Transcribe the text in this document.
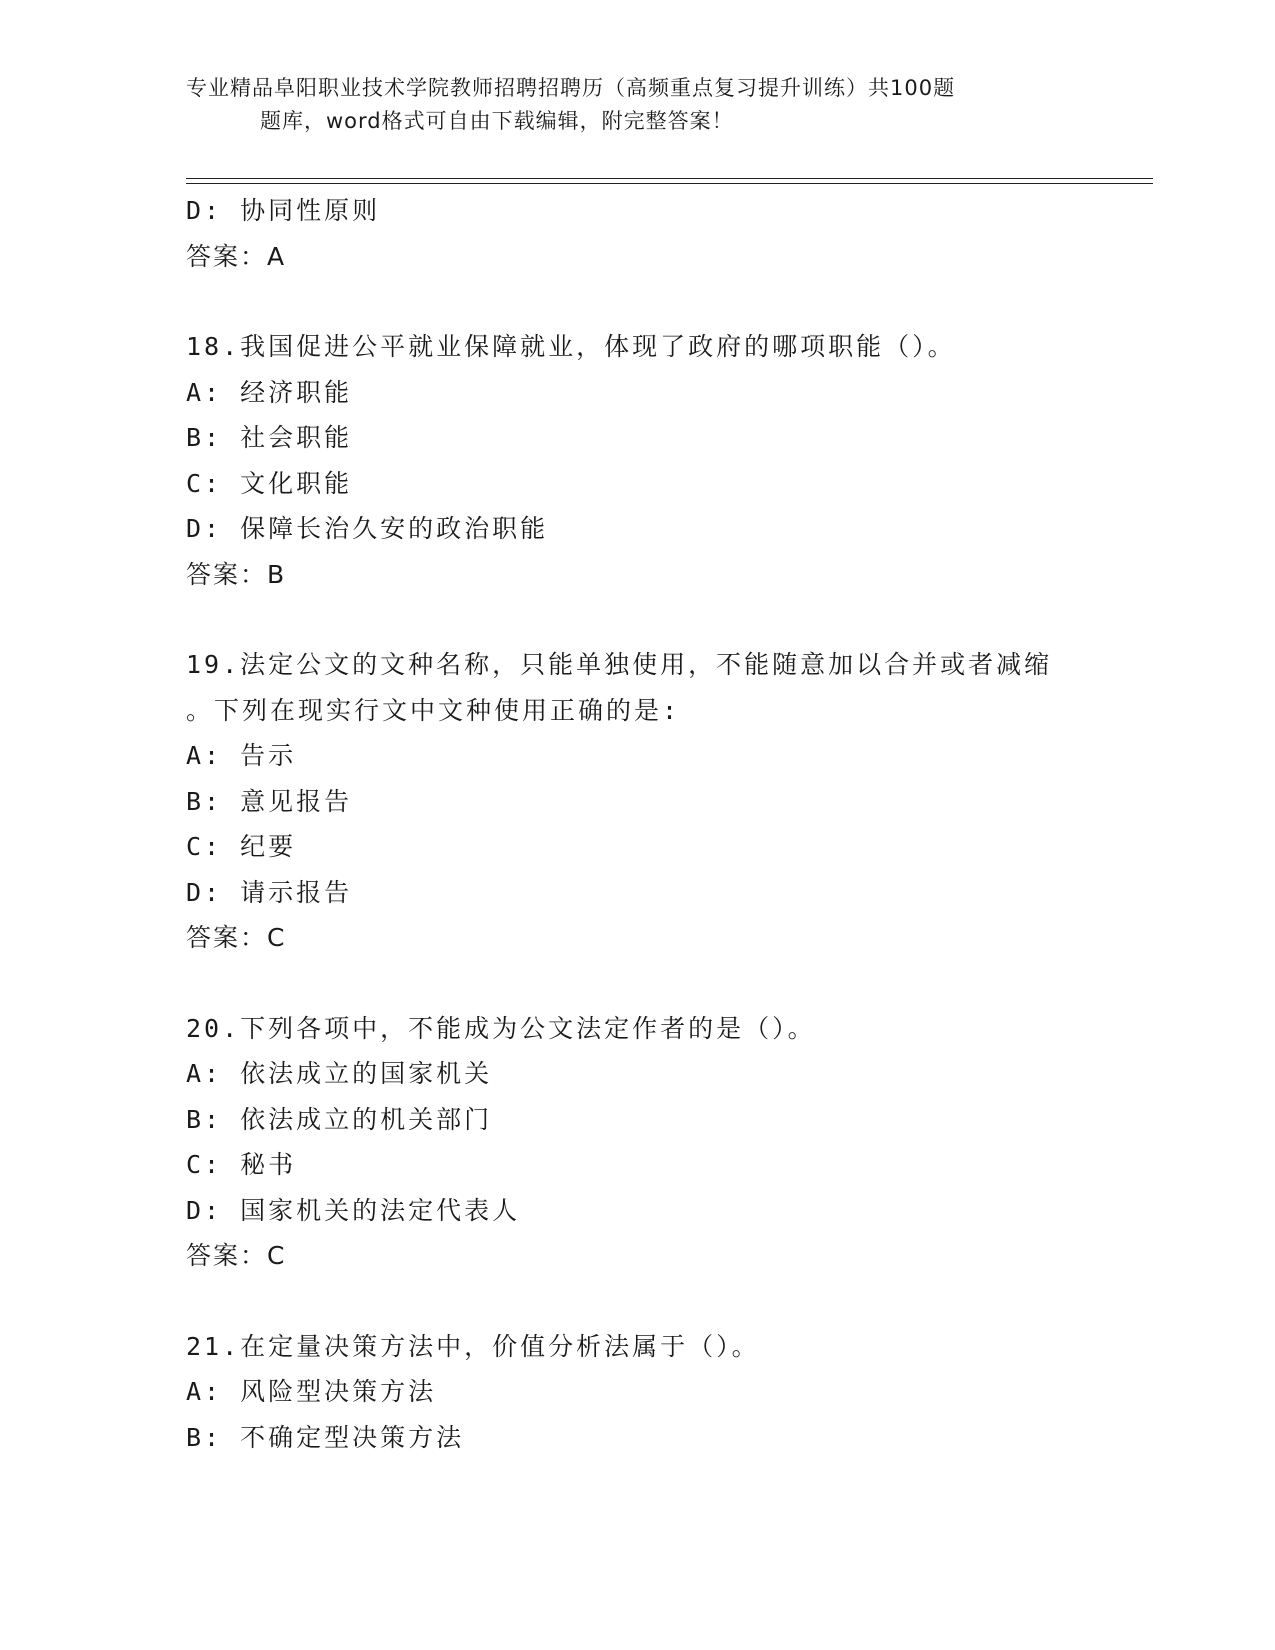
专业精品阜阳职业技术学院教师招聘招聘历（高频重点复习提升训练）共100题
题库，word格式可自由下载编辑，附完整答案！
D: 协同性原则
答案：A
18.我国促进公平就业保障就业，体现了政府的哪项职能（）。
A: 经济职能
B: 社会职能
C: 文化职能
D: 保障长治久安的政治职能
答案：B
19.法定公文的文种名称，只能单独使用，不能随意加以合并或者减缩
。下列在现实行文中文种使用正确的是:
A: 告示
B: 意见报告
C: 纪要
D: 请示报告
答案：C
20.下列各项中，不能成为公文法定作者的是（）。
A: 依法成立的国家机关
B: 依法成立的机关部门
C: 秘书
D: 国家机关的法定代表人
答案：C
21.在定量决策方法中，价值分析法属于（）。
A: 风险型决策方法
B: 不确定型决策方法
